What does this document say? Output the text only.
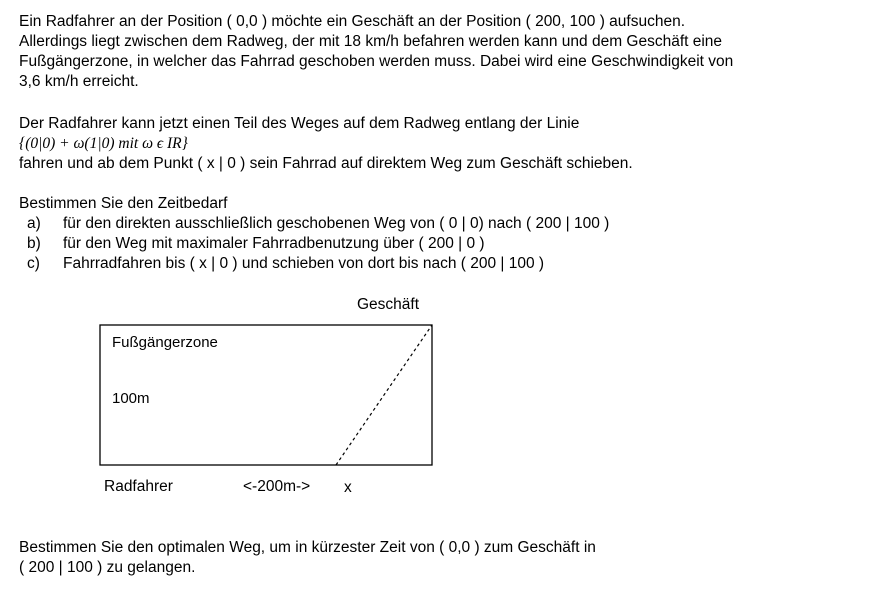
Ein Radfahrer an der Position ( 0,0 ) möchte ein Geschäft an der Position ( 200, 100 ) aufsuchen.
Allerdings liegt zwischen dem Radweg, der mit 18 km/h befahren werden kann und dem Geschäft eine
Fußgängerzone, in welcher das Fahrrad geschoben werden muss. Dabei wird eine Geschwindigkeit von
3,6 km/h erreicht.
Der Radfahrer kann jetzt einen Teil des Weges auf dem Radweg entlang der Linie
{(0|0) + ω(1|0) mit ω ϵ IR}
fahren und ab dem Punkt ( x | 0 ) sein Fahrrad auf direktem Weg zum Geschäft schieben.
Bestimmen Sie den Zeitbedarf
a)	für den direkten ausschließlich geschobenen Weg von ( 0 | 0) nach ( 200 | 100 )
b)	für den Weg mit maximaler Fahrradbenutzung über ( 200 | 0 )
c)	Fahrradfahren bis ( x | 0 ) und schieben von dort bis nach ( 200 | 100 )
Geschäft
Fußgängerzone
100m
Radfahrer	<-200m-> x
Bestimmen Sie den optimalen Weg, um in kürzester Zeit von ( 0,0 ) zum Geschäft in
( 200 | 100 ) zu gelangen.
